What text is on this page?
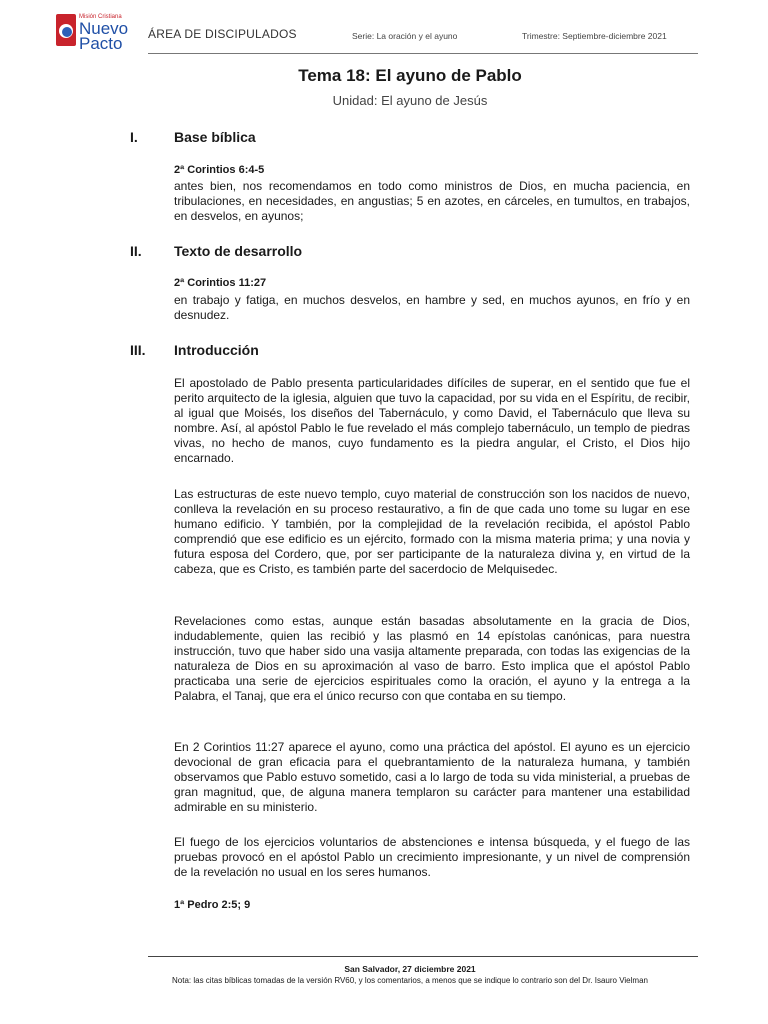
Misión Cristiana
Nuevo
Pacto ÁREA DE DISCIPULADOS	Serie: La oración y el ayuno	Trimestre: Septiembre-diciembre 2021
Tema 18: El ayuno de Pablo
Unidad: El ayuno de Jesús
I.	Base bíblica
2ª Corintios 6:4-5

antes bien, nos recomendamos en todo como ministros de Dios, en mucha paciencia, en tribulaciones, en necesidades, en angustias; 5 en azotes, en cárceles, en tumultos, en trabajos, en desvelos, en ayunos;

II. Texto de desarrollo
2ª Corintios 11:27

en trabajo y fatiga, en muchos desvelos, en hambre y sed, en muchos ayunos, en frío y en desnudez.

III. Introducción

El apostolado de Pablo presenta particularidades difíciles de superar, en el sentido que fue el perito arquitecto de la iglesia, alguien que tuvo la capacidad, por su vida en el Espíritu, de recibir, al igual que Moisés, los diseños del Tabernáculo, y como David, el Tabernáculo que lleva su nombre. Así, al apóstol Pablo le fue revelado el más complejo tabernáculo, un templo de piedras vivas, no hecho de manos, cuyo fundamento es la piedra angular, el Cristo, el Dios hijo encarnado.

Las estructuras de este nuevo templo, cuyo material de construcción son los nacidos de nuevo, conlleva la revelación en su proceso restaurativo, a fin de que cada uno tome su lugar en ese humano edificio. Y también, por la complejidad de la revelación recibida, el apóstol Pablo comprendió que ese edificio es un ejército, formado con la misma materia prima; y una novia y futura esposa del Cordero, que, por ser participante de la naturaleza divina y, en virtud de la cabeza, que es Cristo, es también parte del sacerdocio de Melquisedec.

Revelaciones como estas, aunque están basadas absolutamente en la gracia de Dios, indudablemente, quien las recibió y las plasmó en 14 epístolas canónicas, para nuestra instrucción, tuvo que haber sido una vasija altamente preparada, con todas las exigencias de la naturaleza de Dios en su aproximación al vaso de barro. Esto implica que el apóstol Pablo practicaba una serie de ejercicios espirituales como la oración, el ayuno y la entrega a la Palabra, el Tanaj, que era el único recurso con que contaba en su tiempo.

En 2 Corintios 11:27 aparece el ayuno, como una práctica del apóstol. El ayuno es un ejercicio devocional de gran eficacia para el quebrantamiento de la naturaleza humana, y también observamos que Pablo estuvo sometido, casi a lo largo de toda su vida ministerial, a pruebas de gran magnitud, que, de alguna manera templaron su carácter para mantener una estabilidad admirable en su ministerio.

El fuego de los ejercicios voluntarios de abstenciones e intensa búsqueda, y el fuego de las pruebas provocó en el apóstol Pablo un crecimiento impresionante, y un nivel de comprensión de la revelación no usual en los seres humanos.

1ª Pedro 2:5; 9
San Salvador, 27 diciembre 2021
Nota: las citas bíblicas tomadas de la versión RV60, y los comentarios, a menos que se indique lo contrario son del Dr. Isauro Vielman
